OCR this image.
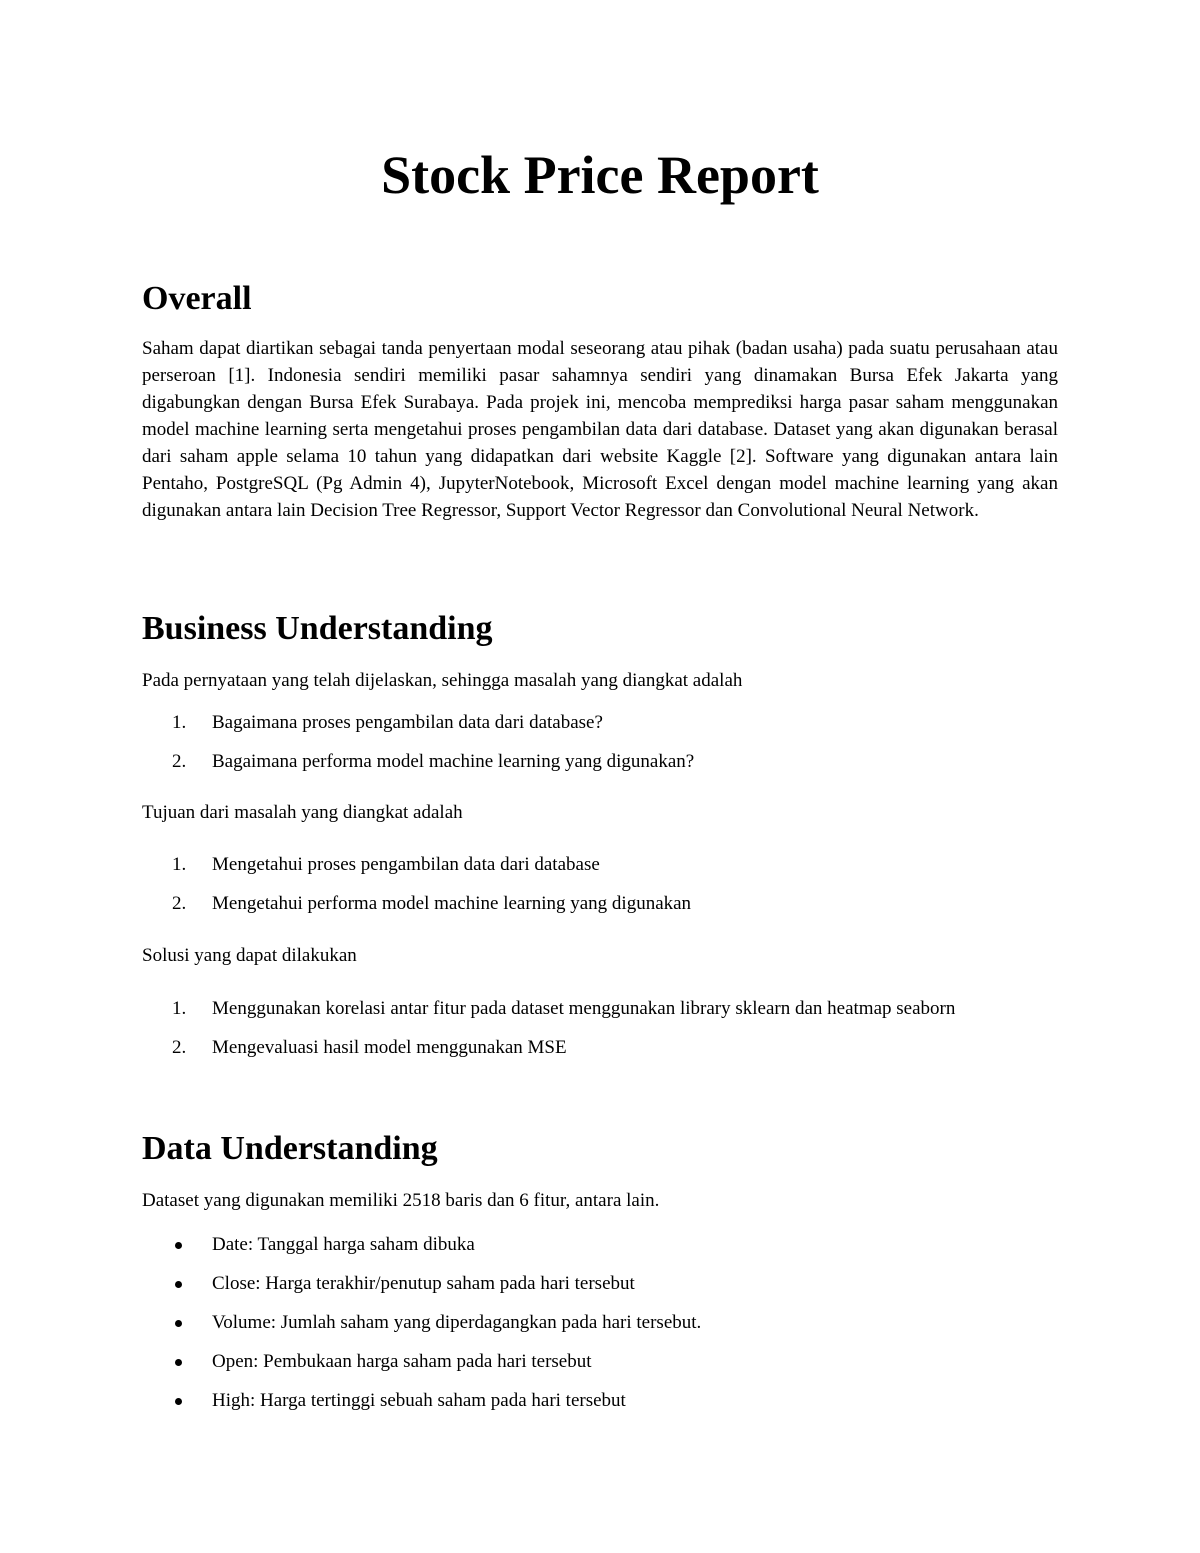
Stock Price Report
Overall

Saham dapat diartikan sebagai tanda penyertaan modal seseorang atau pihak (badan usaha) pada suatu perusahaan atau perseroan [1]. Indonesia sendiri memiliki pasar sahamnya sendiri yang dinamakan Bursa Efek Jakarta yang digabungkan dengan Bursa Efek Surabaya. Pada projek ini, mencoba memprediksi harga pasar saham menggunakan model machine learning serta mengetahui proses pengambilan data dari database. Dataset yang akan digunakan berasal dari saham apple selama 10 tahun yang didapatkan dari website Kaggle [2]. Software yang digunakan antara lain Pentaho, PostgreSQL (Pg Admin 4), JupyterNotebook, Microsoft Excel dengan model machine learning yang akan digunakan antara lain Decision Tree Regressor, Support Vector Regressor dan Convolutional Neural Network.

Business Understanding

Pada pernyataan yang telah dijelaskan, sehingga masalah yang diangkat adalah

1.	Bagaimana proses pengambilan data dari database?
2.	Bagaimana performa model machine learning yang digunakan?

Tujuan dari masalah yang diangkat adalah

1.	Mengetahui proses pengambilan data dari database
2.	Mengetahui performa model machine learning yang digunakan

Solusi yang dapat dilakukan

1.	Menggunakan korelasi antar fitur pada dataset menggunakan library sklearn dan heatmap seaborn
2.	Mengevaluasi hasil model menggunakan MSE
Data Understanding

Dataset yang digunakan memiliki 2518 baris dan 6 fitur, antara lain.

Date: Tanggal harga saham dibuka
Close: Harga terakhir/penutup saham pada hari tersebut
Volume: Jumlah saham yang diperdagangkan pada hari tersebut.
Open: Pembukaan harga saham pada hari tersebut
High: Harga tertinggi sebuah saham pada hari tersebut
